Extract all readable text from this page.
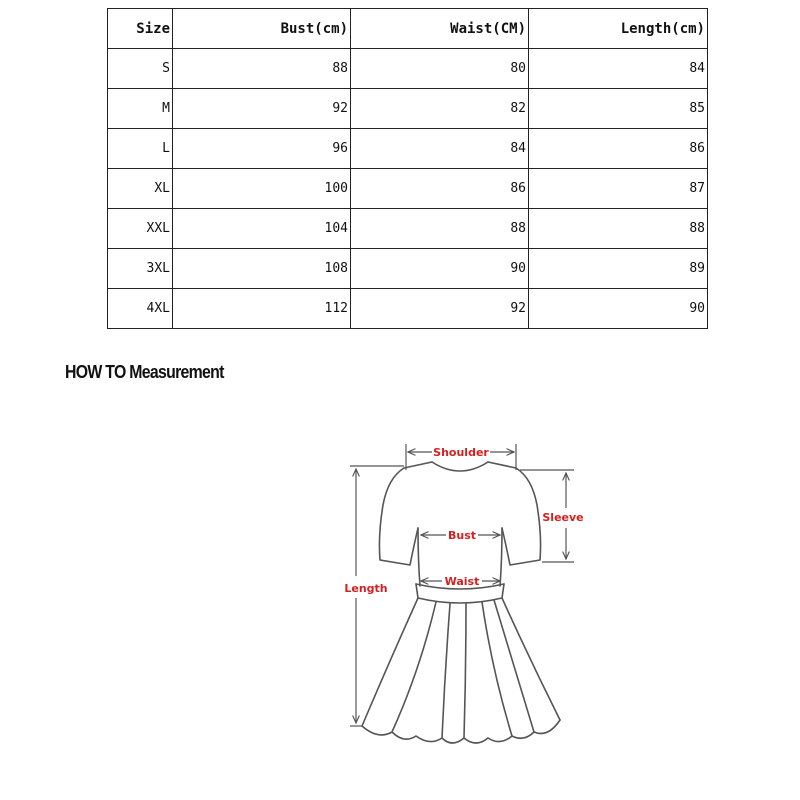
Size	Bust(cm)	Waist(CM)	Length(cm)
S	88	80	84
M	92	82	85
L	96	84	86
XL	100	86	87
XXL	104	88	88
3XL	108	90	89
4XL	112	92	90
HOW TO Measurement
Shoulder
Sleeve
Bust
Waist
Length
